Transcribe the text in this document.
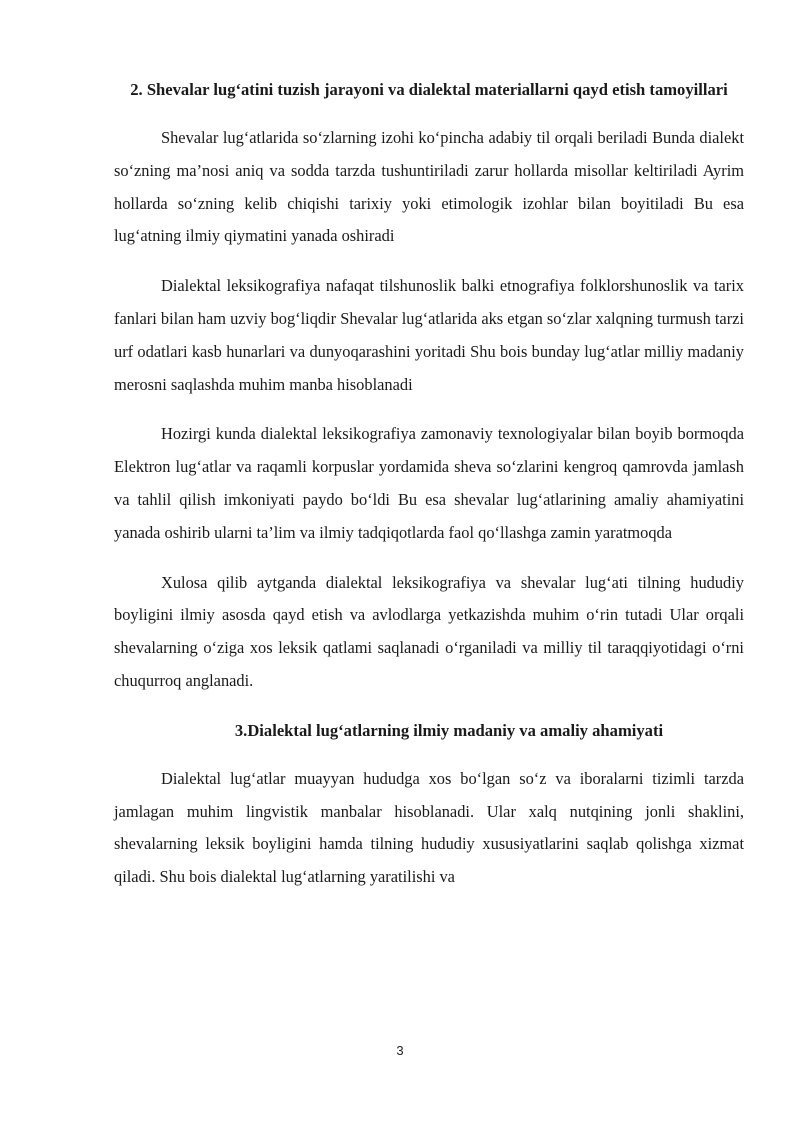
2. Shevalar lug‘atini tuzish jarayoni va dialektal materiallarni qayd etish tamoyillari

Shevalar lug‘atlarida so‘zlarning izohi ko‘pincha adabiy til orqali beriladi Bunda dialekt so‘zning ma’nosi aniq va sodda tarzda tushuntiriladi zarur hollarda misollar keltiriladi Ayrim hollarda so‘zning kelib chiqishi tarixiy yoki etimologik izohlar bilan boyitiladi Bu esa lug‘atning ilmiy qiymatini yanada oshiradi

Dialektal leksikografiya nafaqat tilshunoslik balki etnografiya folklorshunoslik va tarix fanlari bilan ham uzviy bog‘liqdir Shevalar lug‘atlarida aks etgan so‘zlar xalqning turmush tarzi urf odatlari kasb hunarlari va dunyoqarashini yoritadi Shu bois bunday lug‘atlar milliy madaniy merosni saqlashda muhim manba hisoblanadi

Hozirgi kunda dialektal leksikografiya zamonaviy texnologiyalar bilan boyib bormoqda Elektron lug‘atlar va raqamli korpuslar yordamida sheva so‘zlarini kengroq qamrovda jamlash va tahlil qilish imkoniyati paydo bo‘ldi Bu esa shevalar lug‘atlarining amaliy ahamiyatini yanada oshirib ularni ta’lim va ilmiy tadqiqotlarda faol qo‘llashga zamin yaratmoqda

Xulosa qilib aytganda dialektal leksikografiya va shevalar lug‘ati tilning hududiy boyligini ilmiy asosda qayd etish va avlodlarga yetkazishda muhim o‘rin tutadi Ular orqali shevalarning o‘ziga xos leksik qatlami saqlanadi o‘rganiladi va milliy til taraqqiyotidagi o‘rni chuqurroq anglanadi.

3.Dialektal lug‘atlarning ilmiy madaniy va amaliy ahamiyati

Dialektal lug‘atlar muayyan hududga xos bo‘lgan so‘z va iboralarni tizimli tarzda jamlagan muhim lingvistik manbalar hisoblanadi. Ular xalq nutqining jonli shaklini, shevalarning leksik boyligini hamda tilning hududiy xususiyatlarini saqlab qolishga xizmat qiladi. Shu bois dialektal lug‘atlarning yaratilishi va

3
